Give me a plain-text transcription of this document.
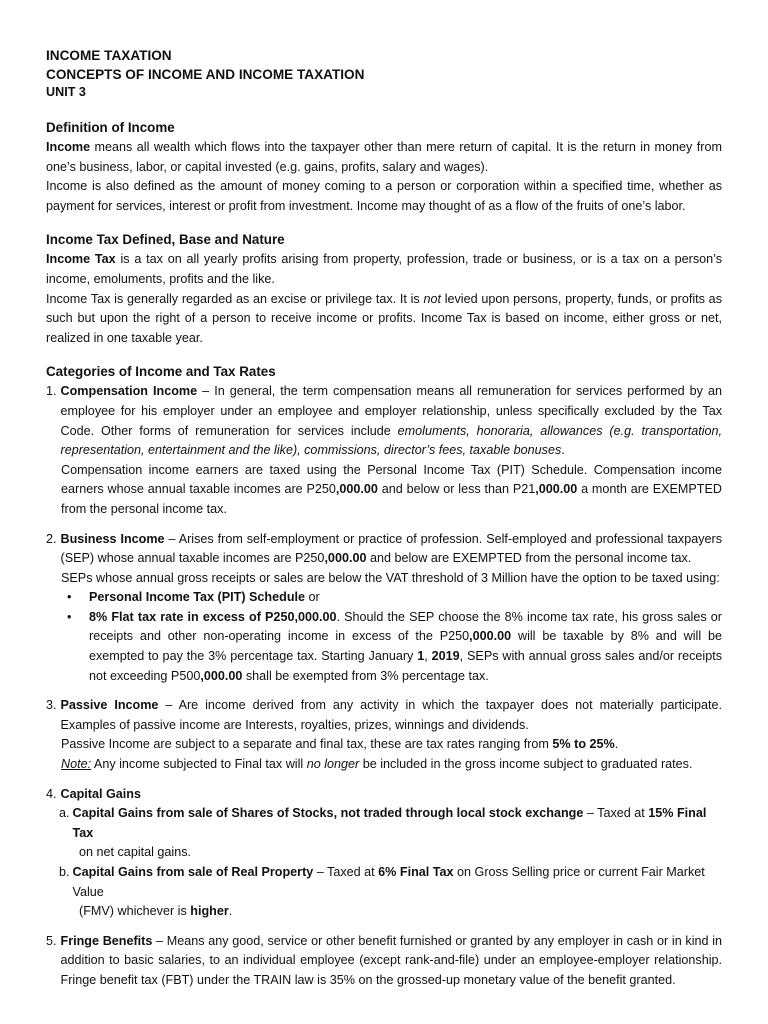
INCOME TAXATION
CONCEPTS OF INCOME AND INCOME TAXATION
UNIT 3
Definition of Income

Income means all wealth which flows into the taxpayer other than mere return of capital. It is the return in money from one’s business, labor, or capital invested (e.g. gains, profits, salary and wages).

Income is also defined as the amount of money coming to a person or corporation within a specified time, whether as payment for services, interest or profit from investment. Income may thought of as a flow of the fruits of one’s labor.

Income Tax Defined, Base and Nature

Income Tax is a tax on all yearly profits arising from property, profession, trade or business, or is a tax on a person’s income, emoluments, profits and the like.

Income Tax is generally regarded as an excise or privilege tax. It is not levied upon persons, property, funds, or profits as such but upon the right of a person to receive income or profits. Income Tax is based on income, either gross or net, realized in one taxable year.

Categories of Income and Tax Rates
1. Compensation Income – In general, the term compensation means all remuneration for services performed by an employee for his employer under an employee and employer relationship, unless specifically excluded by the Tax Code. Other forms of remuneration for services include emoluments, honoraria, allowances (e.g. transportation, representation, entertainment and the like), commissions, director’s fees, taxable bonuses.

Compensation income earners are taxed using the Personal Income Tax (PIT) Schedule. Compensation income earners whose annual taxable incomes are P250,000.00 and below or less than P21,000.00 a month are EXEMPTED from the personal income tax.

2. Business Income – Arises from self-employment or practice of profession. Self-employed and professional taxpayers (SEP) whose annual taxable incomes are P250,000.00 and below are EXEMPTED from the personal income tax.

SEPs whose annual gross receipts or sales are below the VAT threshold of 3 Million have the option to be taxed using:

•	Personal Income Tax (PIT) Schedule or
•	8% Flat tax rate in excess of P250,000.00. Should the SEP choose the 8% income tax rate, his gross sales or receipts and other non-operating income in excess of the P250,000.00 will be taxable by 8% and will be exempted to pay the 3% percentage tax. Starting January 1, 2019, SEPs with annual gross sales and/or receipts not exceeding P500,000.00 shall be exempted from 3% percentage tax.
3. Passive Income – Are income derived from any activity in which the taxpayer does not materially participate. Examples of passive income are Interests, royalties, prizes, winnings and dividends.

Passive Income are subject to a separate and final tax, these are tax rates ranging from 5% to 25%.

Note: Any income subjected to Final tax will no longer be included in the gross income subject to graduated rates.

4. Capital Gains
a. Capital Gains from sale of Shares of Stocks, not traded through local stock exchange – Taxed at 15% Final Tax
on net capital gains.
b. Capital Gains from sale of Real Property – Taxed at 6% Final Tax on Gross Selling price or current Fair Market Value
(FMV) whichever is higher.
5. Fringe Benefits – Means any good, service or other benefit furnished or granted by any employer in cash or in kind in addition to basic salaries, to an individual employee (except rank-and-file) under an employee-employer relationship. Fringe benefit tax (FBT) under the TRAIN law is 35% on the grossed-up monetary value of the benefit granted.
